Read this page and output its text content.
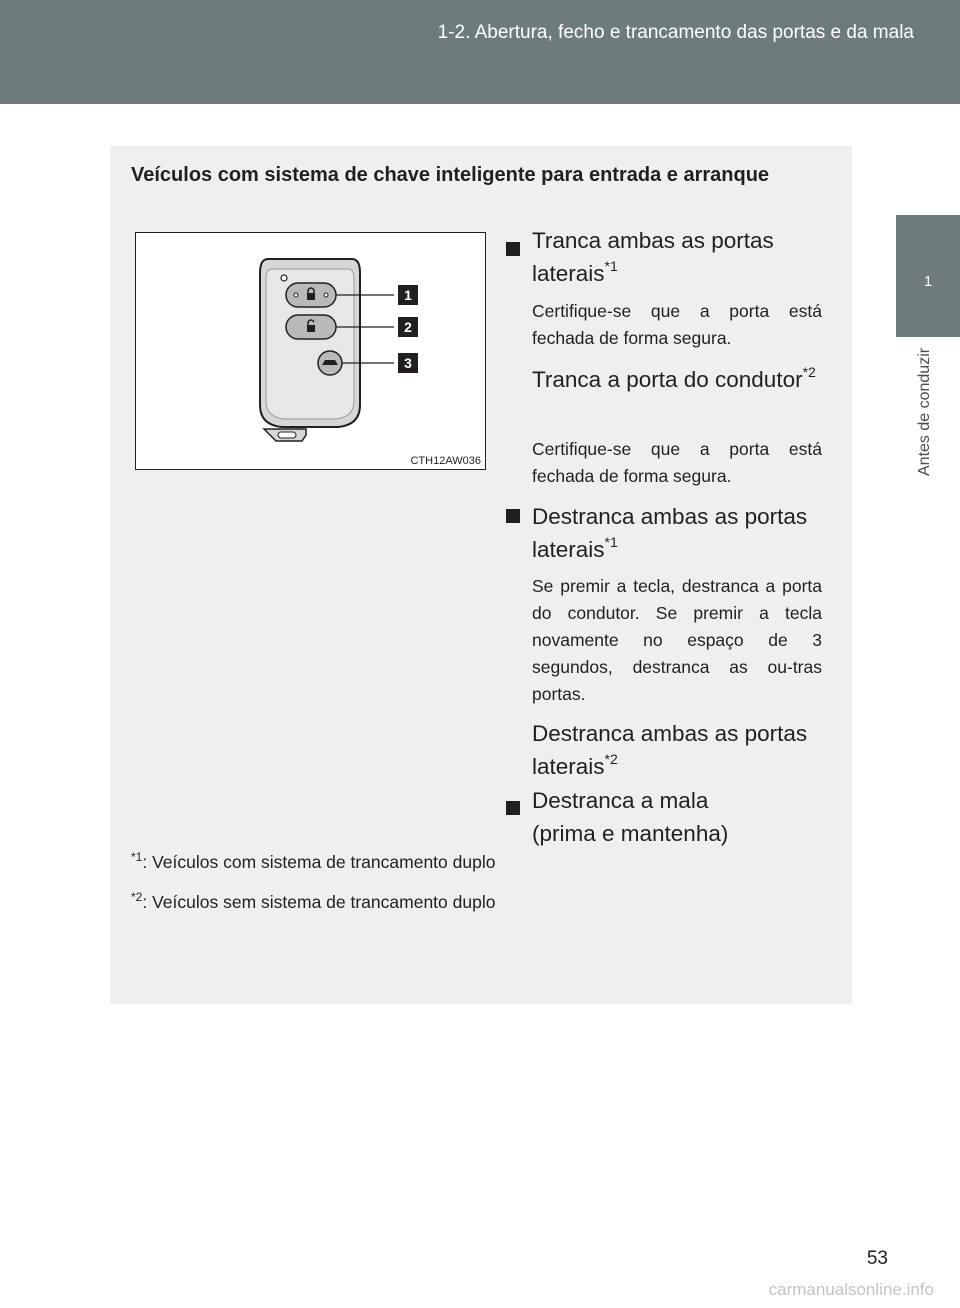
1-2. Abertura, fecho e trancamento das portas e da mala
1
Antes de conduzir
Veículos com sistema de chave inteligente para entrada e arranque
1
2
3
CTH12AW036
Tranca ambas as portas laterais$^{*1}$
Certifique-se que a porta está fechada de forma segura.
Tranca a porta do condutor$^{*2}$
Certifique-se que a porta está fechada de forma segura.
Destranca ambas as portas laterais$^{*1}$
Se premir a tecla, destranca a porta do condutor. Se premir a tecla novamente no espaço de 3 segundos, destranca as ou-tras portas.
Destranca ambas as portas laterais$^{*2}$
Destranca a mala (prima e mantenha)
$^{*1}$: Veículos com sistema de trancamento duplo
$^{*2}$: Veículos sem sistema de trancamento duplo
53
carmanualsonline.info
